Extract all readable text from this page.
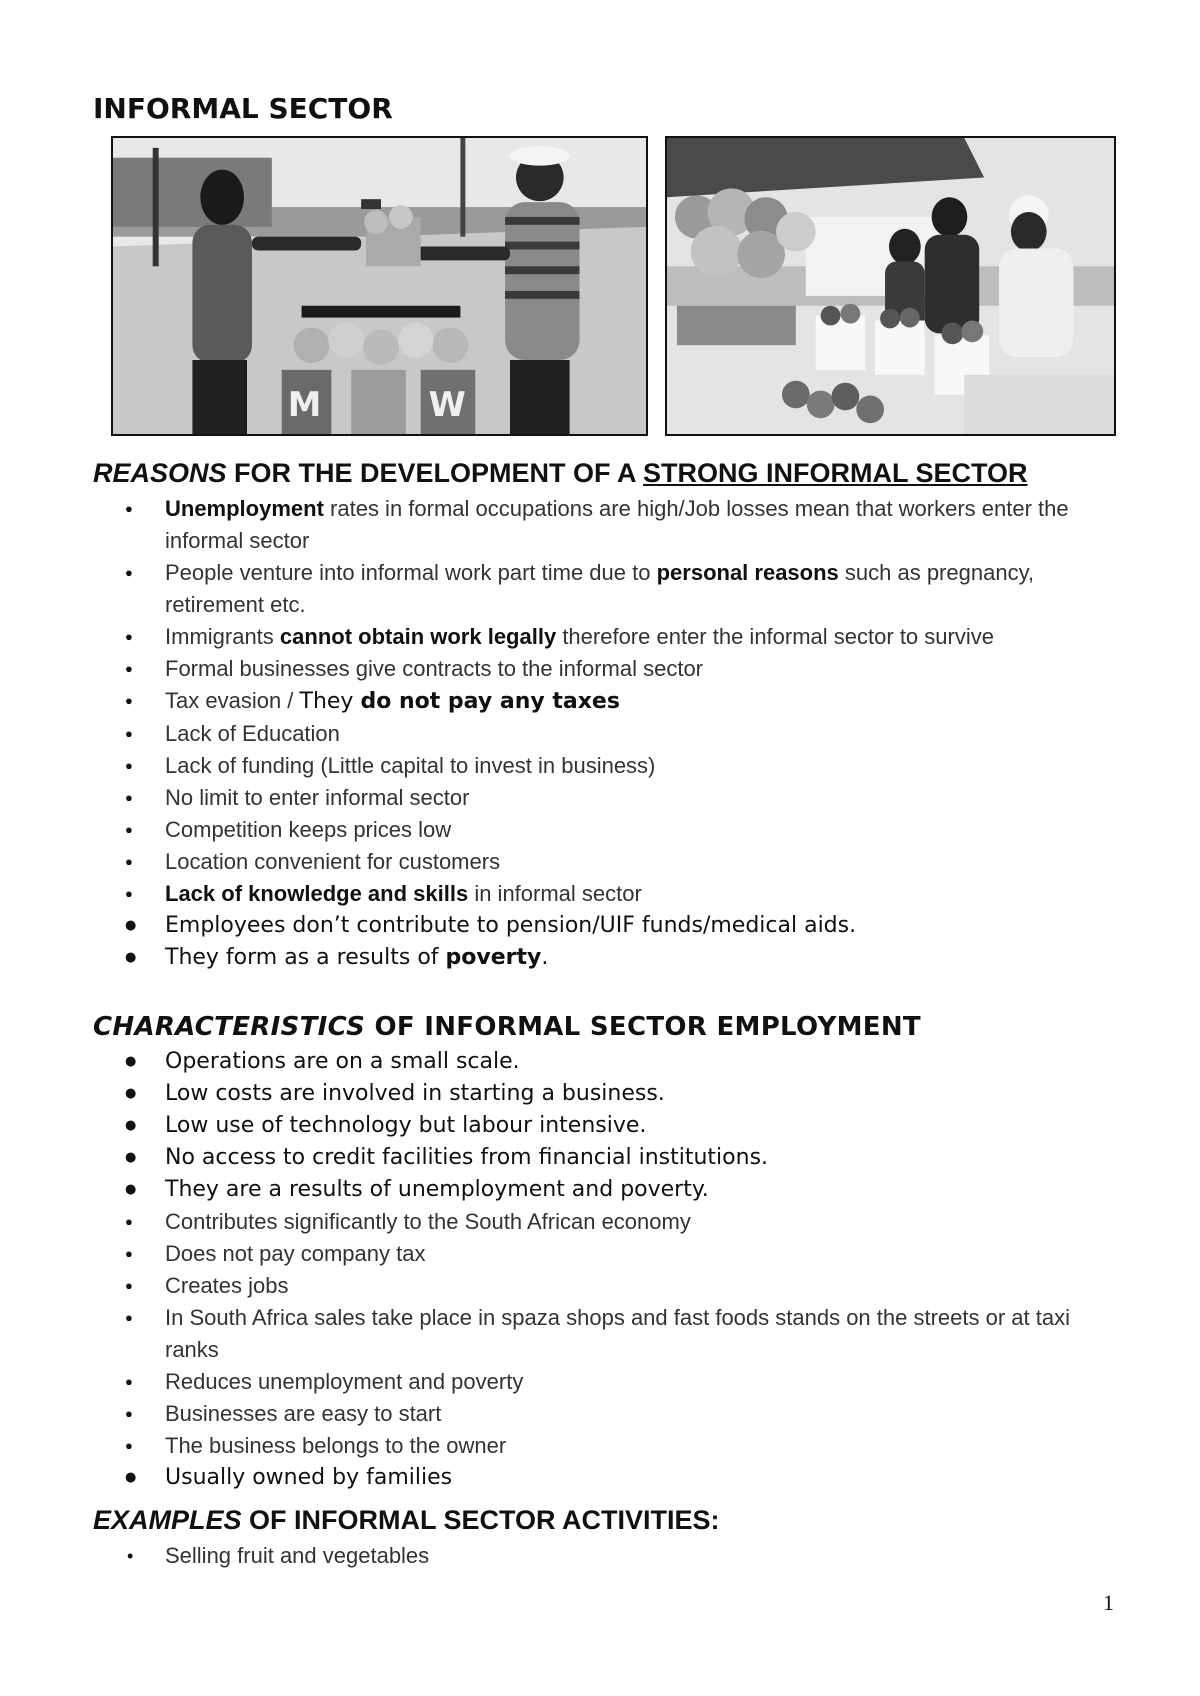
INFORMAL SECTOR
M	W
REASONS FOR THE DEVELOPMENT OF A STRONG INFORMAL SECTOR
● Unemployment rates in formal occupations are high/Job losses mean that workers enter the informal sector
● People venture into informal work part time due to personal reasons such as pregnancy, retirement etc.
● Immigrants cannot obtain work legally therefore enter the informal sector to survive
● Formal businesses give contracts to the informal sector
● Tax evasion / They do not pay any taxes
● Lack of Education
● Lack of funding (Little capital to invest in business)
● No limit to enter informal sector
● Competition keeps prices low
● Location convenient for customers
● Lack of knowledge and skills in informal sector
● Employees don’t contribute to pension/UIF funds/medical aids.
● They form as a results of poverty.
CHARACTERISTICS OF INFORMAL SECTOR EMPLOYMENT
● Operations are on a small scale.
● Low costs are involved in starting a business.
● Low use of technology but labour intensive.
● No access to credit facilities from financial institutions.
● They are a results of unemployment and poverty.
● Contributes significantly to the South African economy
● Does not pay company tax
● Creates jobs
● In South Africa sales take place in spaza shops and fast foods stands on the streets or at taxi ranks
● Reduces unemployment and poverty
● Businesses are easy to start
● The business belongs to the owner
● Usually owned by families
EXAMPLES OF INFORMAL SECTOR ACTIVITIES:
• Selling fruit and vegetables
1
